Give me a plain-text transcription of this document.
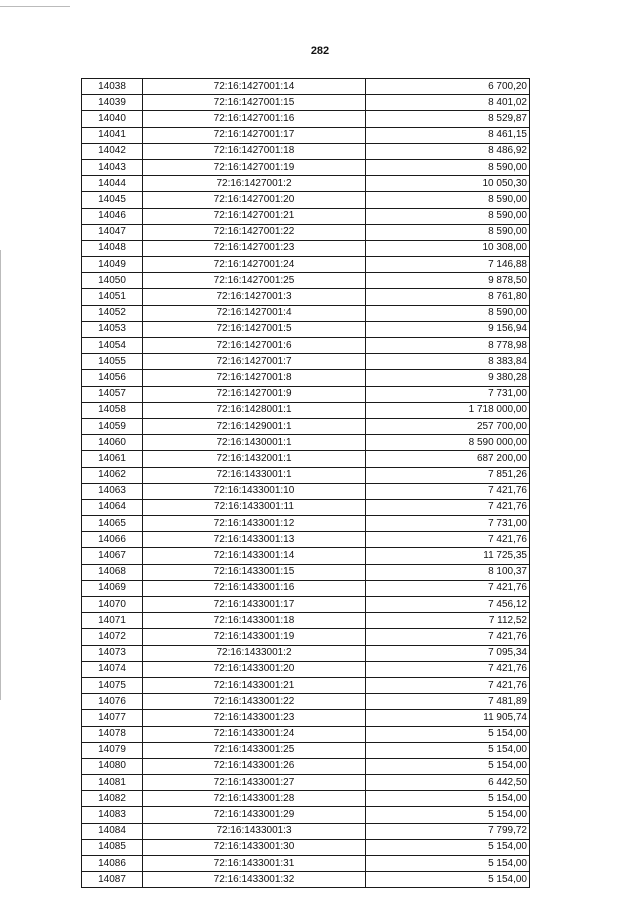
282
14038	72:16:1427001:14	6 700,20
14039	72:16:1427001:15	8 401,02
14040	72:16:1427001:16	8 529,87
14041	72:16:1427001:17	8 461,15
14042	72:16:1427001:18	8 486,92
14043	72:16:1427001:19	8 590,00
14044	72:16:1427001:2	10 050,30
14045	72:16:1427001:20	8 590,00
14046	72:16:1427001:21	8 590,00
14047	72:16:1427001:22	8 590,00
14048	72:16:1427001:23	10 308,00
14049	72:16:1427001:24	7 146,88
14050	72:16:1427001:25	9 878,50
14051	72:16:1427001:3	8 761,80
14052	72:16:1427001:4	8 590,00
14053	72:16:1427001:5	9 156,94
14054	72:16:1427001:6	8 778,98
14055	72:16:1427001:7	8 383,84
14056	72:16:1427001:8	9 380,28
14057	72:16:1427001:9	7 731,00
14058	72:16:1428001:1	1 718 000,00
14059	72:16:1429001:1	257 700,00
14060	72:16:1430001:1	8 590 000,00
14061	72:16:1432001:1	687 200,00
14062	72:16:1433001:1	7 851,26
14063	72:16:1433001:10	7 421,76
14064	72:16:1433001:11	7 421,76
14065	72:16:1433001:12	7 731,00
14066	72:16:1433001:13	7 421,76
14067	72:16:1433001:14	11 725,35
14068	72:16:1433001:15	8 100,37
14069	72:16:1433001:16	7 421,76
14070	72:16:1433001:17	7 456,12
14071	72:16:1433001:18	7 112,52
14072	72:16:1433001:19	7 421,76
14073	72:16:1433001:2	7 095,34
14074	72:16:1433001:20	7 421,76
14075	72:16:1433001:21	7 421,76
14076	72:16:1433001:22	7 481,89
14077	72:16:1433001:23	11 905,74
14078	72:16:1433001:24	5 154,00
14079	72:16:1433001:25	5 154,00
14080	72:16:1433001:26	5 154,00
14081	72:16:1433001:27	6 442,50
14082	72:16:1433001:28	5 154,00
14083	72:16:1433001:29	5 154,00
14084	72:16:1433001:3	7 799,72
14085	72:16:1433001:30	5 154,00
14086	72:16:1433001:31	5 154,00
14087	72:16:1433001:32	5 154,00
